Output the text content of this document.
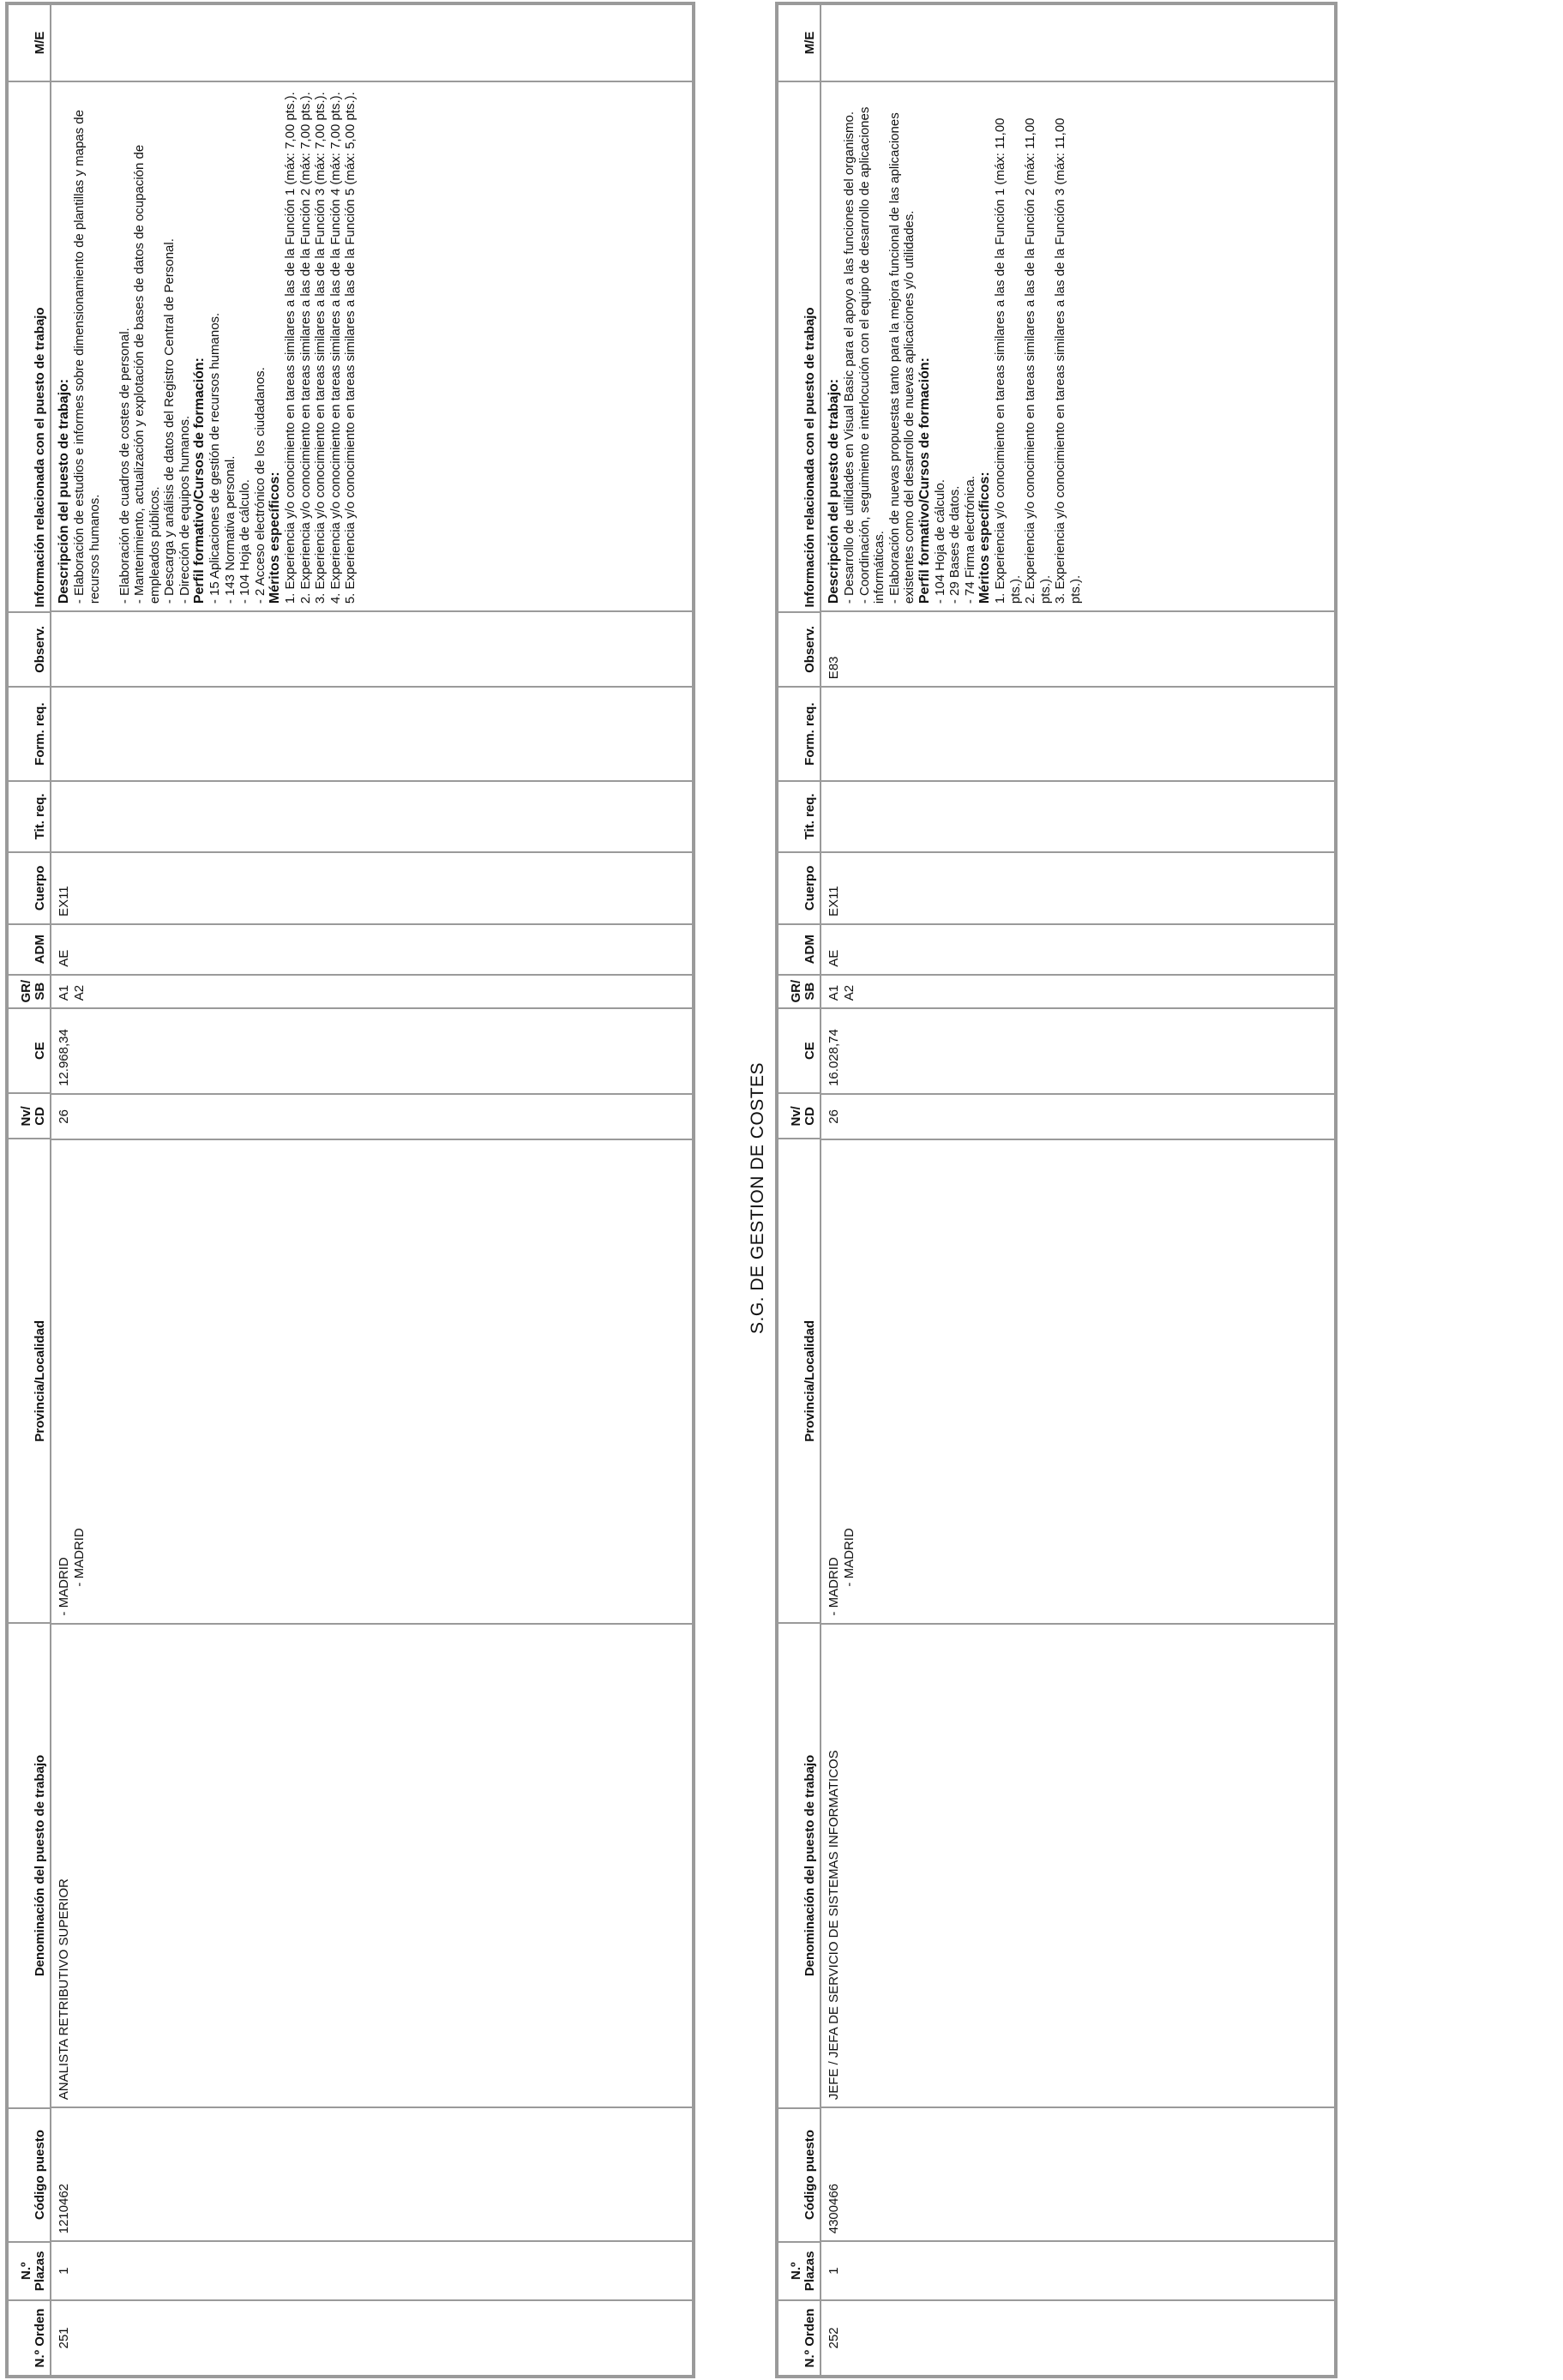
N.º Orden
N.º Plazas
Código puesto
Denominación del puesto de trabajo
Provincia/Localidad
Nv/ CD
CE
GR/ SB
ADM
Cuerpo
Tit. req.
Form. req.
Observ.
Información relacionada con el puesto de trabajo
M/E
251
1
1210462
ANALISTA RETRIBUTIVO SUPERIOR
- MADRID - MADRID
26
12.968,34
A1 A2
AE
EX11

Descripción del puesto de trabajo: - Elaboración de estudios e informes sobre dimensionamiento de plantillas y mapas de recursos humanos. - Elaboración de cuadros de costes de personal. - Mantenimiento, actualización y explotación de bases de datos de ocupación de empleados públicos. - Descarga y análisis de datos del Registro Central de Personal. - Dirección de equipos humanos. Perfil formativo/Cursos de formación: - 15 Aplicaciones de gestión de recursos humanos. - 143 Normativa personal. - 104 Hoja de cálculo. - 2 Acceso electrónico de los ciudadanos. Méritos específicos: 1. Experiencia y/o conocimiento en tareas similares a las de la Función 1 (máx: 7,00 pts.). 2. Experiencia y/o conocimiento en tareas similares a las de la Función 2 (máx: 7,00 pts.). 3. Experiencia y/o conocimiento en tareas similares a las de la Función 3 (máx: 7,00 pts.). 4. Experiencia y/o conocimiento en tareas similares a las de la Función 4 (máx: 7,00 pts.). 5. Experiencia y/o conocimiento en tareas similares a las de la Función 5 (máx: 5,00 pts.).

S.G. DE GESTION DE COSTES
N.º Orden
N.º Plazas
Código puesto
Denominación del puesto de trabajo
Provincia/Localidad
Nv/ CD
CE
GR/ SB
ADM
Cuerpo
Tit. req.
Form. req.
Observ.
Información relacionada con el puesto de trabajo
M/E
252
1
4300466
JEFE / JEFA DE SERVICIO DE SISTEMAS INFORMATICOS
- MADRID - MADRID
26
16.028,74
A1 A2
AE
EX11
E83

Descripción del puesto de trabajo: - Desarrollo de utilidades en Visual Basic para el apoyo a las funciones del organismo. - Coordinación, seguimiento e interlocución con el equipo de desarrollo de aplicaciones informáticas. - Elaboración de nuevas propuestas tanto para la mejora funcional de las aplicaciones existentes como del desarrollo de nuevas aplicaciones y/o utilidades. Perfil formativo/Cursos de formación: - 104 Hoja de cálculo. - 29 Bases de datos. - 74 Firma electrónica. Méritos específicos: 1. Experiencia y/o conocimiento en tareas similares a las de la Función 1 (máx: 11,00 pts.). 2. Experiencia y/o conocimiento en tareas similares a las de la Función 2 (máx: 11,00 pts.). 3. Experiencia y/o conocimiento en tareas similares a las de la Función 3 (máx: 11,00 pts.).
